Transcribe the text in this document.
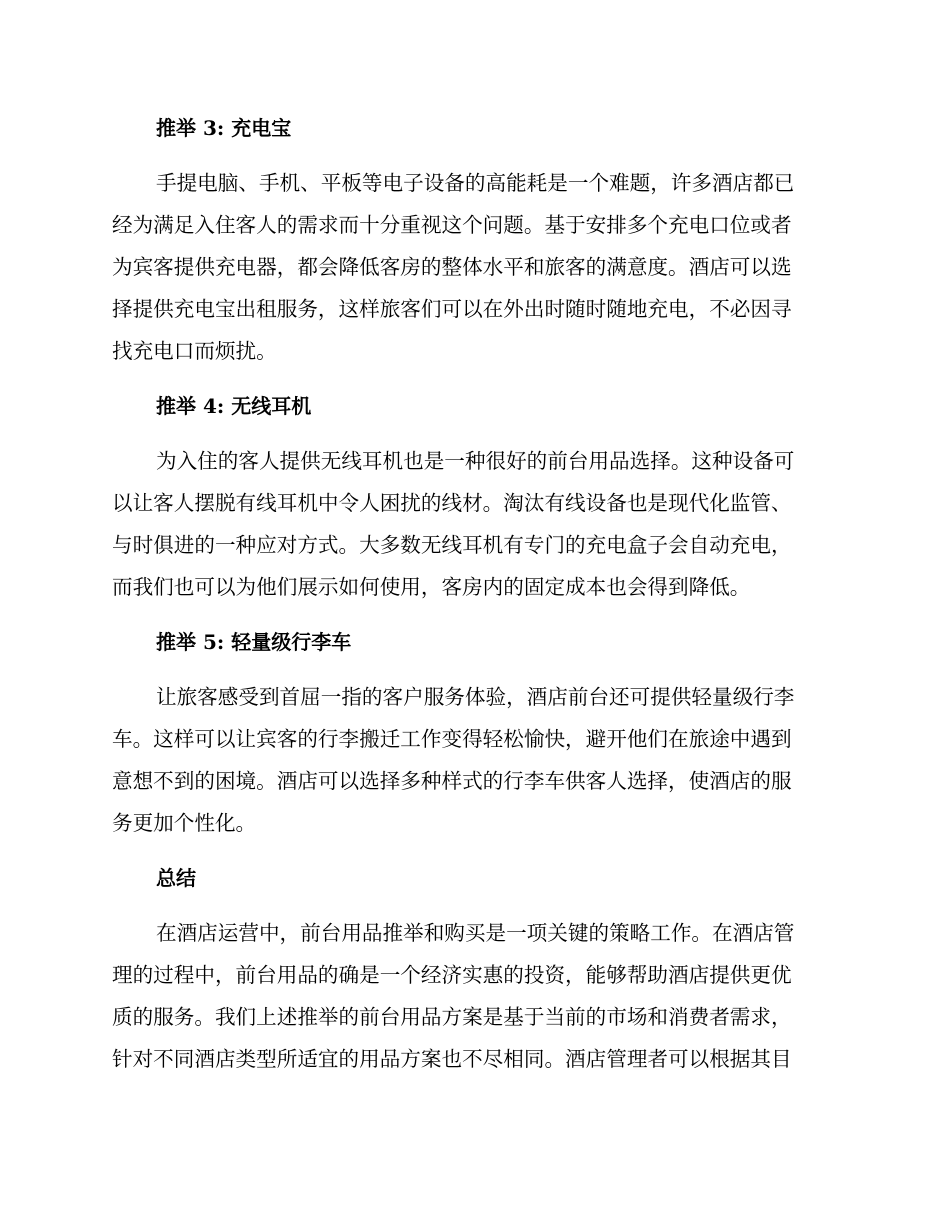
推举 3: 充电宝
手提电脑、手机、平板等电子设备的高能耗是一个难题，许多酒店都已
经为满足入住客人的需求而十分重视这个问题。基于安排多个充电口位或者
为宾客提供充电器，都会降低客房的整体水平和旅客的满意度。酒店可以选
择提供充电宝出租服务，这样旅客们可以在外出时随时随地充电，不必因寻
找充电口而烦扰。
推举 4: 无线耳机
为入住的客人提供无线耳机也是一种很好的前台用品选择。这种设备可
以让客人摆脱有线耳机中令人困扰的线材。淘汰有线设备也是现代化监管、
与时俱进的一种应对方式。大多数无线耳机有专门的充电盒子会自动充电，
而我们也可以为他们展示如何使用，客房内的固定成本也会得到降低。
推举 5: 轻量级行李车
让旅客感受到首屈一指的客户服务体验，酒店前台还可提供轻量级行李
车。这样可以让宾客的行李搬迁工作变得轻松愉快，避开他们在旅途中遇到
意想不到的困境。酒店可以选择多种样式的行李车供客人选择，使酒店的服
务更加个性化。
总结
在酒店运营中，前台用品推举和购买是一项关键的策略工作。在酒店管
理的过程中，前台用品的确是一个经济实惠的投资，能够帮助酒店提供更优
质的服务。我们上述推举的前台用品方案是基于当前的市场和消费者需求，
针对不同酒店类型所适宜的用品方案也不尽相同。酒店管理者可以根据其目
